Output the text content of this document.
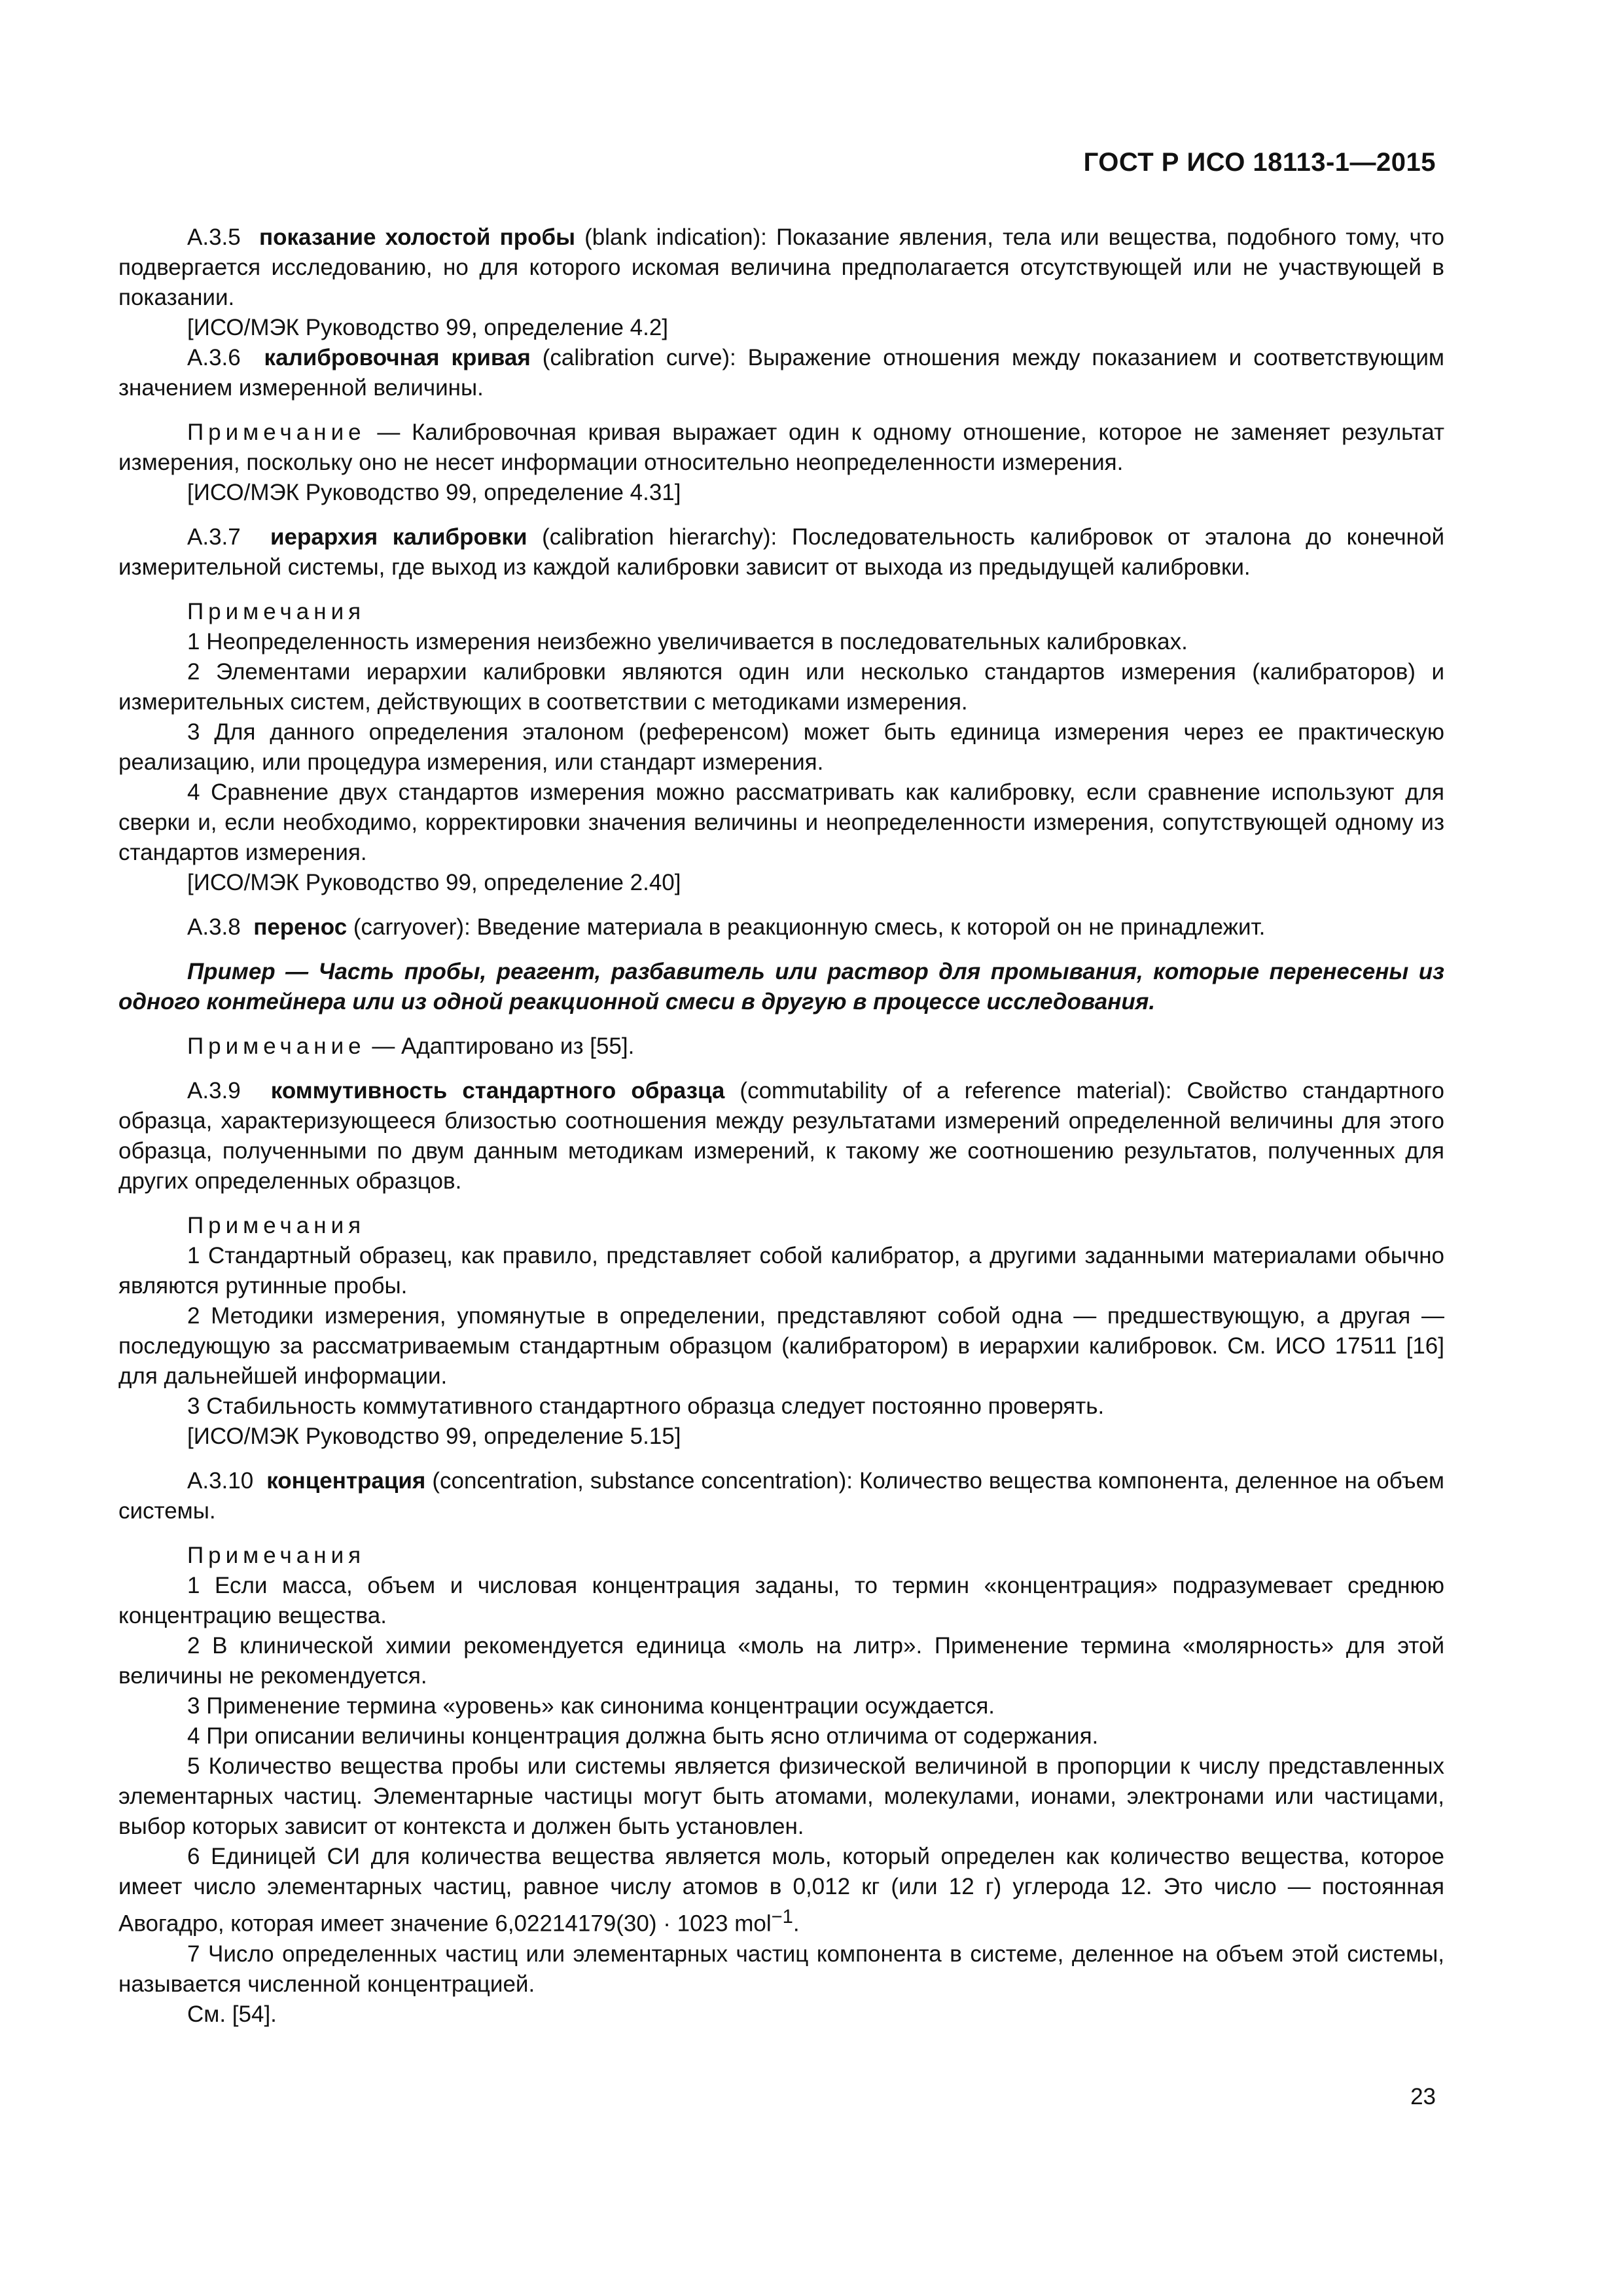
ГОСТ Р ИСО 18113-1—2015

А.3.5 показание холостой пробы (blank indication): Показание явления, тела или вещества, подобного тому, что подвергается исследованию, но для которого искомая величина предполагается отсутствующей или не участвующей в показании.

[ИСО/МЭК Руководство 99, определение 4.2]

А.3.6 калибровочная кривая (calibration curve): Выражение отношения между показанием и соответствующим значением измеренной величины.

Примечание — Калибровочная кривая выражает один к одному отношение, которое не заменяет результат измерения, поскольку оно не несет информации относительно неопределенности измерения.

[ИСО/МЭК Руководство 99, определение 4.31]

А.3.7 иерархия калибровки (calibration hierarchy): Последовательность калибровок от эталона до конечной измерительной системы, где выход из каждой калибровки зависит от выхода из предыдущей калибровки.

Примечания

1 Неопределенность измерения неизбежно увеличивается в последовательных калибровках.

2 Элементами иерархии калибровки являются один или несколько стандартов измерения (калибраторов) и измерительных систем, действующих в соответствии с методиками измерения.

3 Для данного определения эталоном (референсом) может быть единица измерения через ее практическую реализацию, или процедура измерения, или стандарт измерения.

4 Сравнение двух стандартов измерения можно рассматривать как калибровку, если сравнение используют для сверки и, если необходимо, корректировки значения величины и неопределенности измерения, сопутствующей одному из стандартов измерения.

[ИСО/МЭК Руководство 99, определение 2.40]

А.3.8 перенос (carryover): Введение материала в реакционную смесь, к которой он не принадлежит.

Пример — Часть пробы, реагент, разбавитель или раствор для промывания, которые перенесены из одного контейнера или из одной реакционной смеси в другую в процессе исследования.

Примечание — Адаптировано из [55].

А.3.9 коммутивность стандартного образца (commutability of a reference material): Свойство стандартного образца, характеризующееся близостью соотношения между результатами измерений определенной величины для этого образца, полученными по двум данным методикам измерений, к такому же соотношению результатов, полученных для других определенных образцов.

Примечания

1 Стандартный образец, как правило, представляет собой калибратор, а другими заданными материалами обычно являются рутинные пробы.

2 Методики измерения, упомянутые в определении, представляют собой одна — предшествующую, а другая — последующую за рассматриваемым стандартным образцом (калибратором) в иерархии калибровок. См. ИСО 17511 [16] для дальнейшей информации.

3 Стабильность коммутативного стандартного образца следует постоянно проверять.

[ИСО/МЭК Руководство 99, определение 5.15]

А.3.10 концентрация (concentration, substance concentration): Количество вещества компонента, деленное на объем системы.

Примечания

1 Если масса, объем и числовая концентрация заданы, то термин «концентрация» подразумевает среднюю концентрацию вещества.

2 В клинической химии рекомендуется единица «моль на литр». Применение термина «молярность» для этой величины не рекомендуется.

3 Применение термина «уровень» как синонима концентрации осуждается.

4 При описании величины концентрация должна быть ясно отличима от содержания.

5 Количество вещества пробы или системы является физической величиной в пропорции к числу представленных элементарных частиц. Элементарные частицы могут быть атомами, молекулами, ионами, электронами или частицами, выбор которых зависит от контекста и должен быть установлен.

6 Единицей СИ для количества вещества является моль, который определен как количество вещества, которое имеет число элементарных частиц, равное числу атомов в 0,012 кг (или 12 г) углерода 12. Это число — постоянная Авогадро, которая имеет значение 6,02214179(30) · 1023 mol$^{-1}$.

7 Число определенных частиц или элементарных частиц компонента в системе, деленное на объем этой системы, называется численной концентрацией.

См. [54].

23
